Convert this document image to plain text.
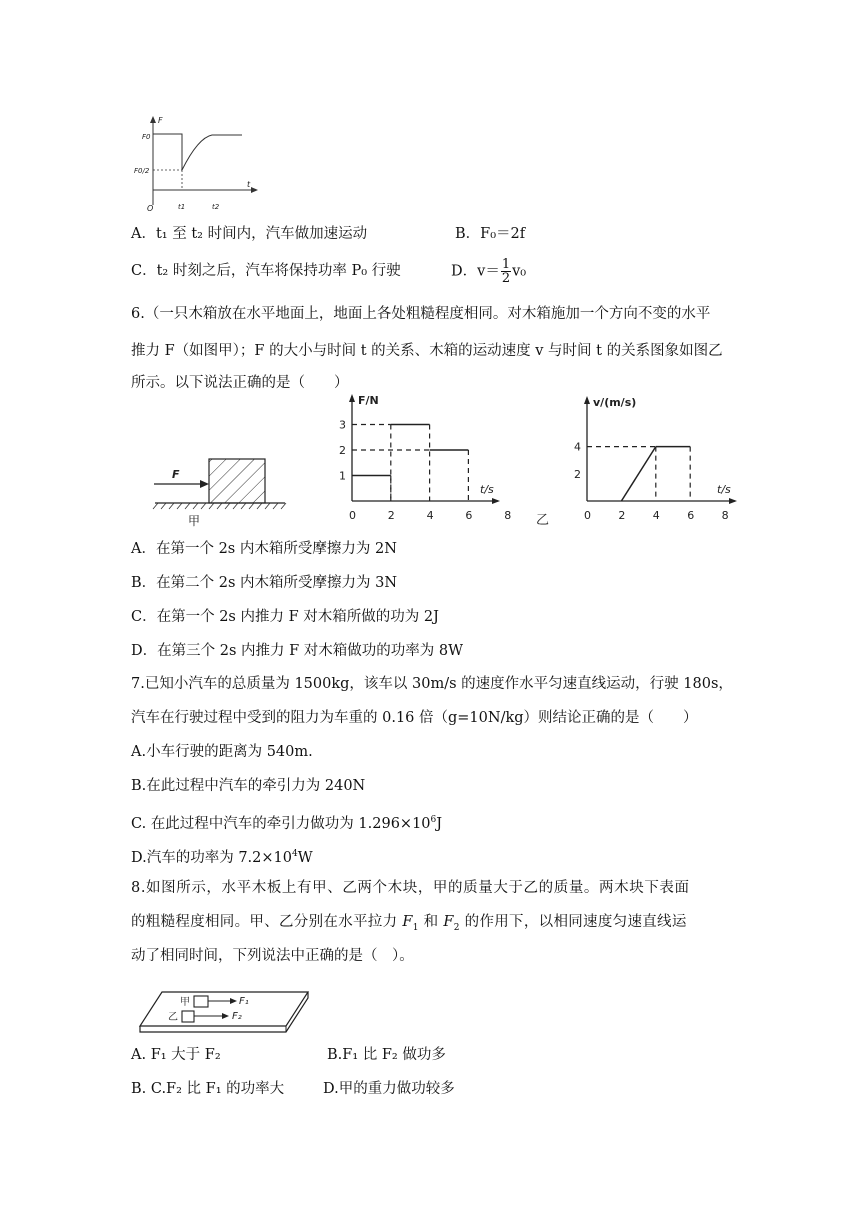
F
t
O
F0
F0/2
t1	t2
A．t₁ 至 t₂ 时间内，汽车做加速运动	B．F₀＝2f
C．t₂ 时刻之后，汽车将保持功率 P₀ 行驶	D．$v= \frac{1}{2} v_0$
6.（一只木箱放在水平地面上，地面上各处粗糙程度相同。对木箱施加一个方向不变的水平
推力 F（如图甲）；F 的大小与时间 t 的关系、木箱的运动速度 v 与时间 t 的关系图象如图乙
所示。以下说法正确的是（　　）
F
甲
F/N
t/s
0	2	4	6	8
1
2
3
v/(m/s)
t/s
0 2 4 6 8
2
4
乙
A．在第一个 2s 内木箱所受摩擦力为 2N
B．在第二个 2s 内木箱所受摩擦力为 3N
C．在第一个 2s 内推力 F 对木箱所做的功为 2J
D．在第三个 2s 内推力 F 对木箱做功的功率为 8W
7.已知小汽车的总质量为 1500kg，该车以 30m/s 的速度作水平匀速直线运动，行驶 180s，
汽车在行驶过程中受到的阻力为车重的 0.16 倍（g=10N/kg）则结论正确的是（　　）
A.小车行驶的距离为 540m.
B.在此过程中汽车的牵引力为 240N
C. 在此过程中汽车的牵引力做功为 $1.296\times 10^6J$
D.汽车的功率为 $7.2\times 10^4W$
8.如图所示，水平木板上有甲、乙两个木块，甲的质量大于乙的质量。两木块下表面
的粗糙程度相同。甲、乙分别在水平拉力 $F_1$ 和 $F_2$ 的作用下，以相同速度匀速直线运
动了相同时间，下列说法中正确的是（　）。
甲	F₁
乙	F₂
A. F₁ 大于 F₂	B.F₁ 比 F₂ 做功多
B. C.F₂ 比 F₁ 的功率大	D.甲的重力做功较多
